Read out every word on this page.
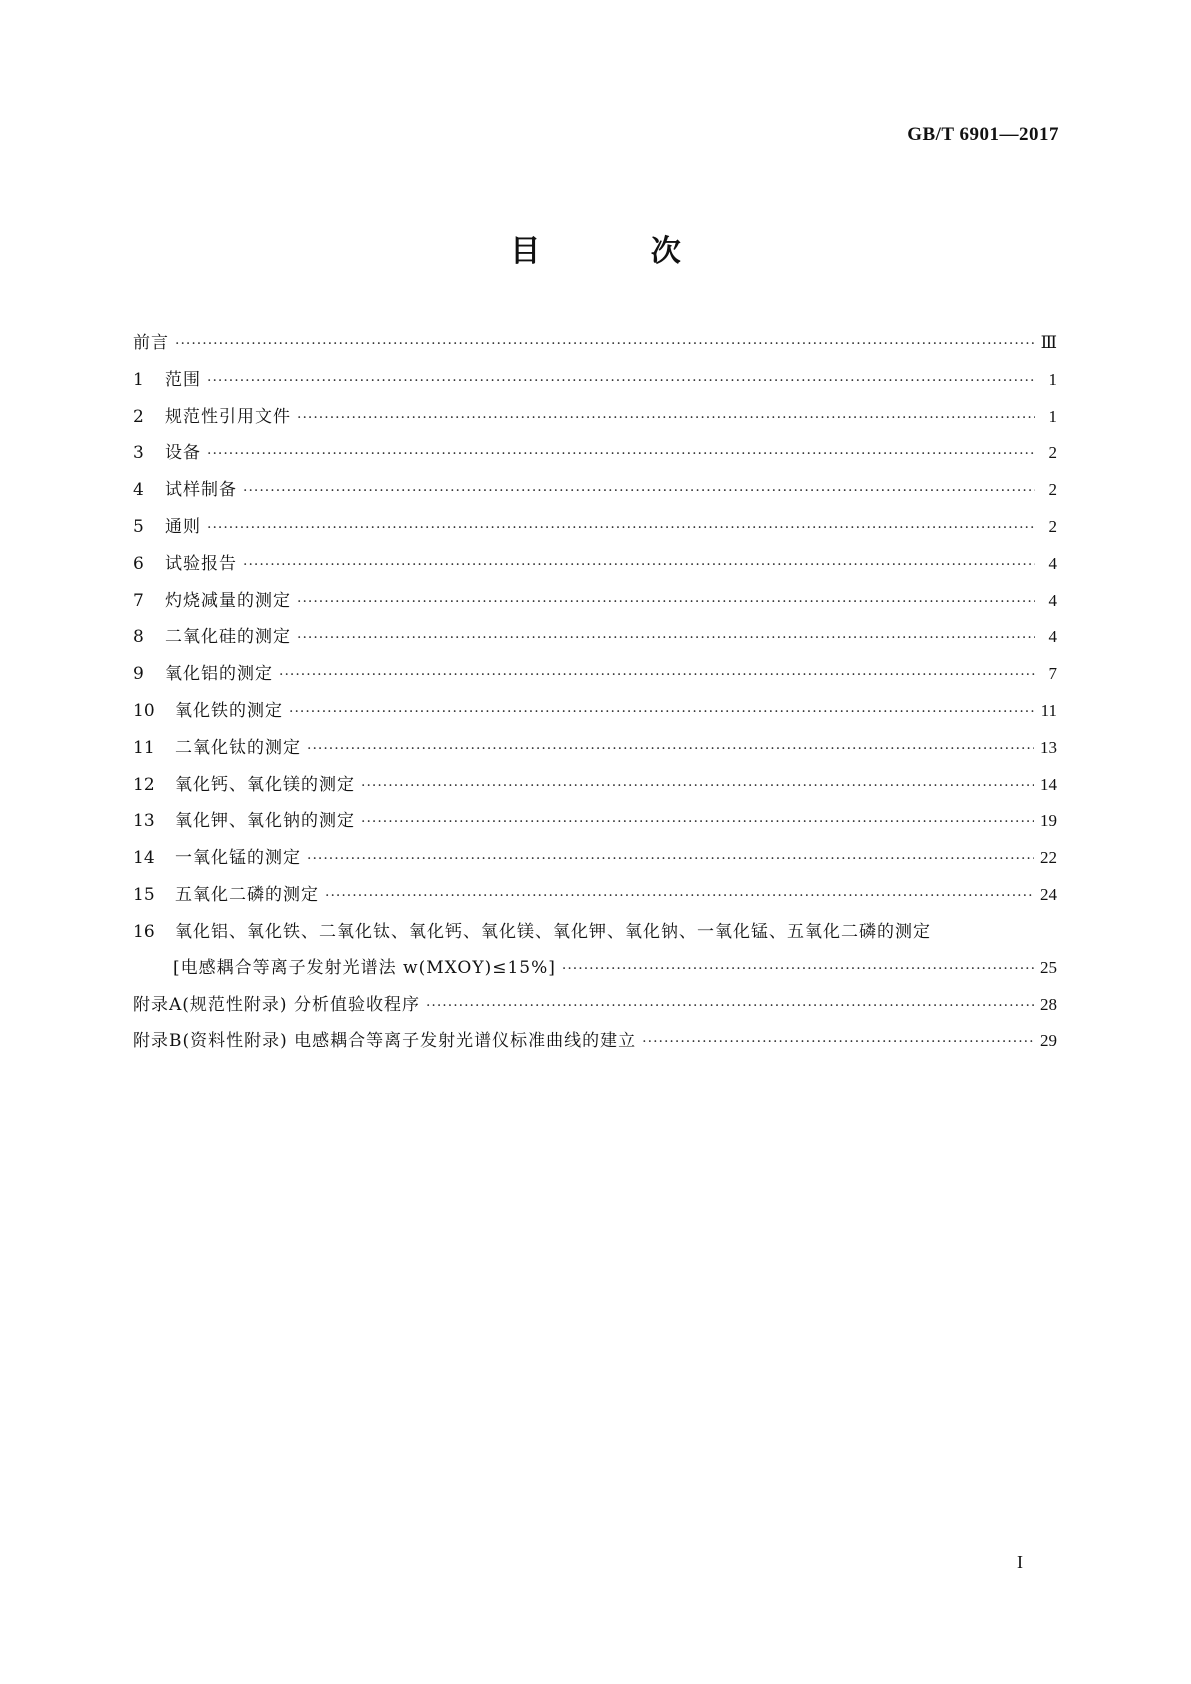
GB/T 6901—2017
目 次
前言 ·····	Ⅲ
1	范围 ·····	1
2	规范性引用文件 ·····	1
3	设备 ·····	2
4	试样制备 ·····	2
5	通则 ·····	2
6	试验报告 ·····	4
7	灼烧减量的测定 ·····	4
8	二氧化硅的测定 ·····	4
9	氧化铝的测定 ·····	7
10	氧化铁的测定 ·····	11
11	二氧化钛的测定 ·····	13
12	氧化钙、氧化镁的测定 ·····	14
13	氧化钾、氧化钠的测定 ·····	19
14	一氧化锰的测定 ·····	22
15	五氧化二磷的测定 ·····	24
16	氧化铝、氧化铁、二氧化钛、氧化钙、氧化镁、氧化钾、氧化钠、一氧化锰、五氧化二磷的测定
[电感耦合等离子发射光谱法 w(MXOY)≤15%] ·····	25
附录A(规范性附录) 分析值验收程序 ·····	28
附录B(资料性附录) 电感耦合等离子发射光谱仪标准曲线的建立 ·····	29
I
